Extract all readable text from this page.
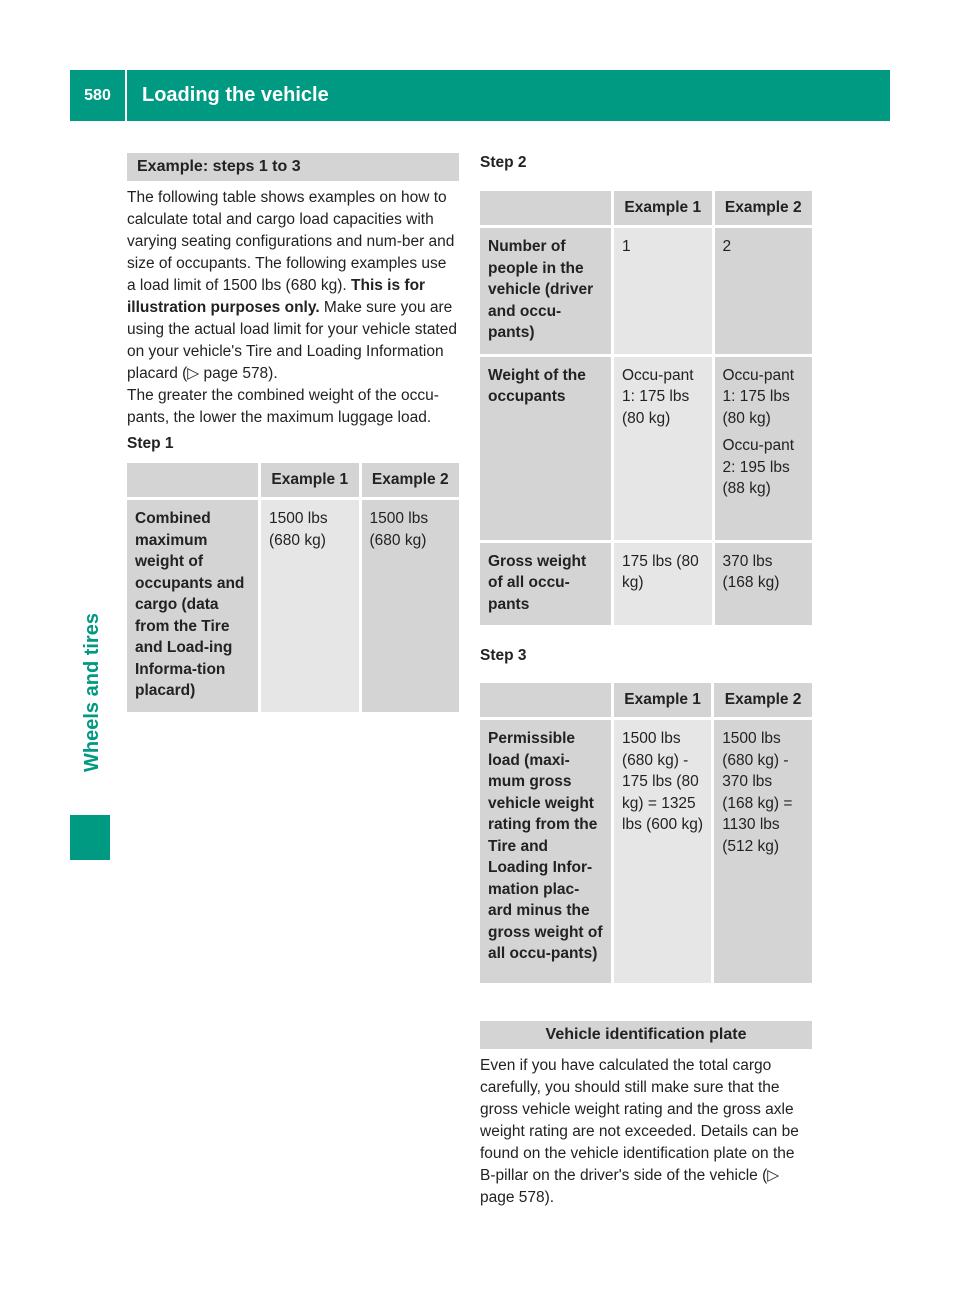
580	Loading the vehicle
Wheels and tires
Example: steps 1 to 3

The following table shows examples on how to calculate total and cargo load capacities with varying seating configurations and num-ber and size of occupants. The following examples use a load limit of 1500 lbs (680 kg). This is for illustration purposes only. Make sure you are using the actual load limit for your vehicle stated on your vehicle's Tire and Loading Information placard (▷ page 578).

The greater the combined weight of the occu-pants, the lower the maximum luggage load.

Step 1
	Example 1	Example 2
Combined maximum weight of occupants and cargo (data from the Tire and Load-ing Informa-tion placard)	1500 lbs (680 kg)	1500 lbs (680 kg)
Step 2
	Example 1	Example 2
Number of people in the vehicle (driver and occu-pants)	1	2
Weight of the occupants	Occu-pant 1: 175 lbs (80 kg)	Occu-pant 1: 175 lbs (80 kg)
Occu-pant 2: 195 lbs (88 kg)

Gross weight of all occu-pants	175 lbs (80 kg)	370 lbs (168 kg)
Step 3
	Example 1	Example 2
Permissible load (maxi-mum gross vehicle weight rating from the Tire and Loading Infor-mation plac-ard minus the gross weight of all occu-pants)	1500 lbs (680 kg) - 175 lbs (80 kg) = 1325 lbs (600 kg)	1500 lbs (680 kg) - 370 lbs (168 kg) = 1130 lbs (512 kg)
Vehicle identification plate

Even if you have calculated the total cargo carefully, you should still make sure that the gross vehicle weight rating and the gross axle weight rating are not exceeded. Details can be found on the vehicle identification plate on the B-pillar on the driver's side of the vehicle (▷ page 578).
